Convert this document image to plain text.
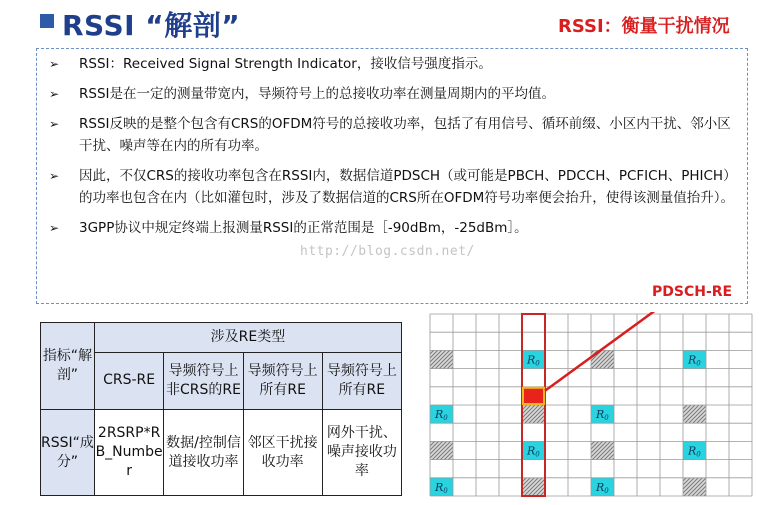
RSSI “解剖”	RSSI：衡量干扰情况
➢ RSSI：Received Signal Strength Indicator，接收信号强度指示。
➢ RSSI是在一定的测量带宽内，导频符号上的总接收功率在测量周期内的平均值。
➢ RSSI反映的是整个包含有CRS的OFDM符号的总接收功率，包括了有用信号、循环前缀、小区内干扰、邻小区干扰、噪声等在内的所有功率。
➢ 因此，不仅CRS的接收功率包含在RSSI内，数据信道PDSCH（或可能是PBCH、PDCCH、PCFICH、PHICH）的功率也包含在内（比如灌包时，涉及了数据信道的CRS所在OFDM符号功率便会抬升，使得该测量值抬升）。
➢ 3GPP协议中规定终端上报测量RSSI的正常范围是［-90dBm，-25dBm］。
http://blog.csdn.net/
PDSCH-RE
指标“解剖”	涉及RE类型			
	CRS-RE	导频符号上非CRS的RE	导频符号上所有RE	导频符号上所有RE
RSSI“成分”	2RSRP*RB_Number	数据/控制信道接收功率	邻区干扰接收功率	网外干扰、噪声接收功率
R0	R0
R0	R0
R0	R0
R0	R0
